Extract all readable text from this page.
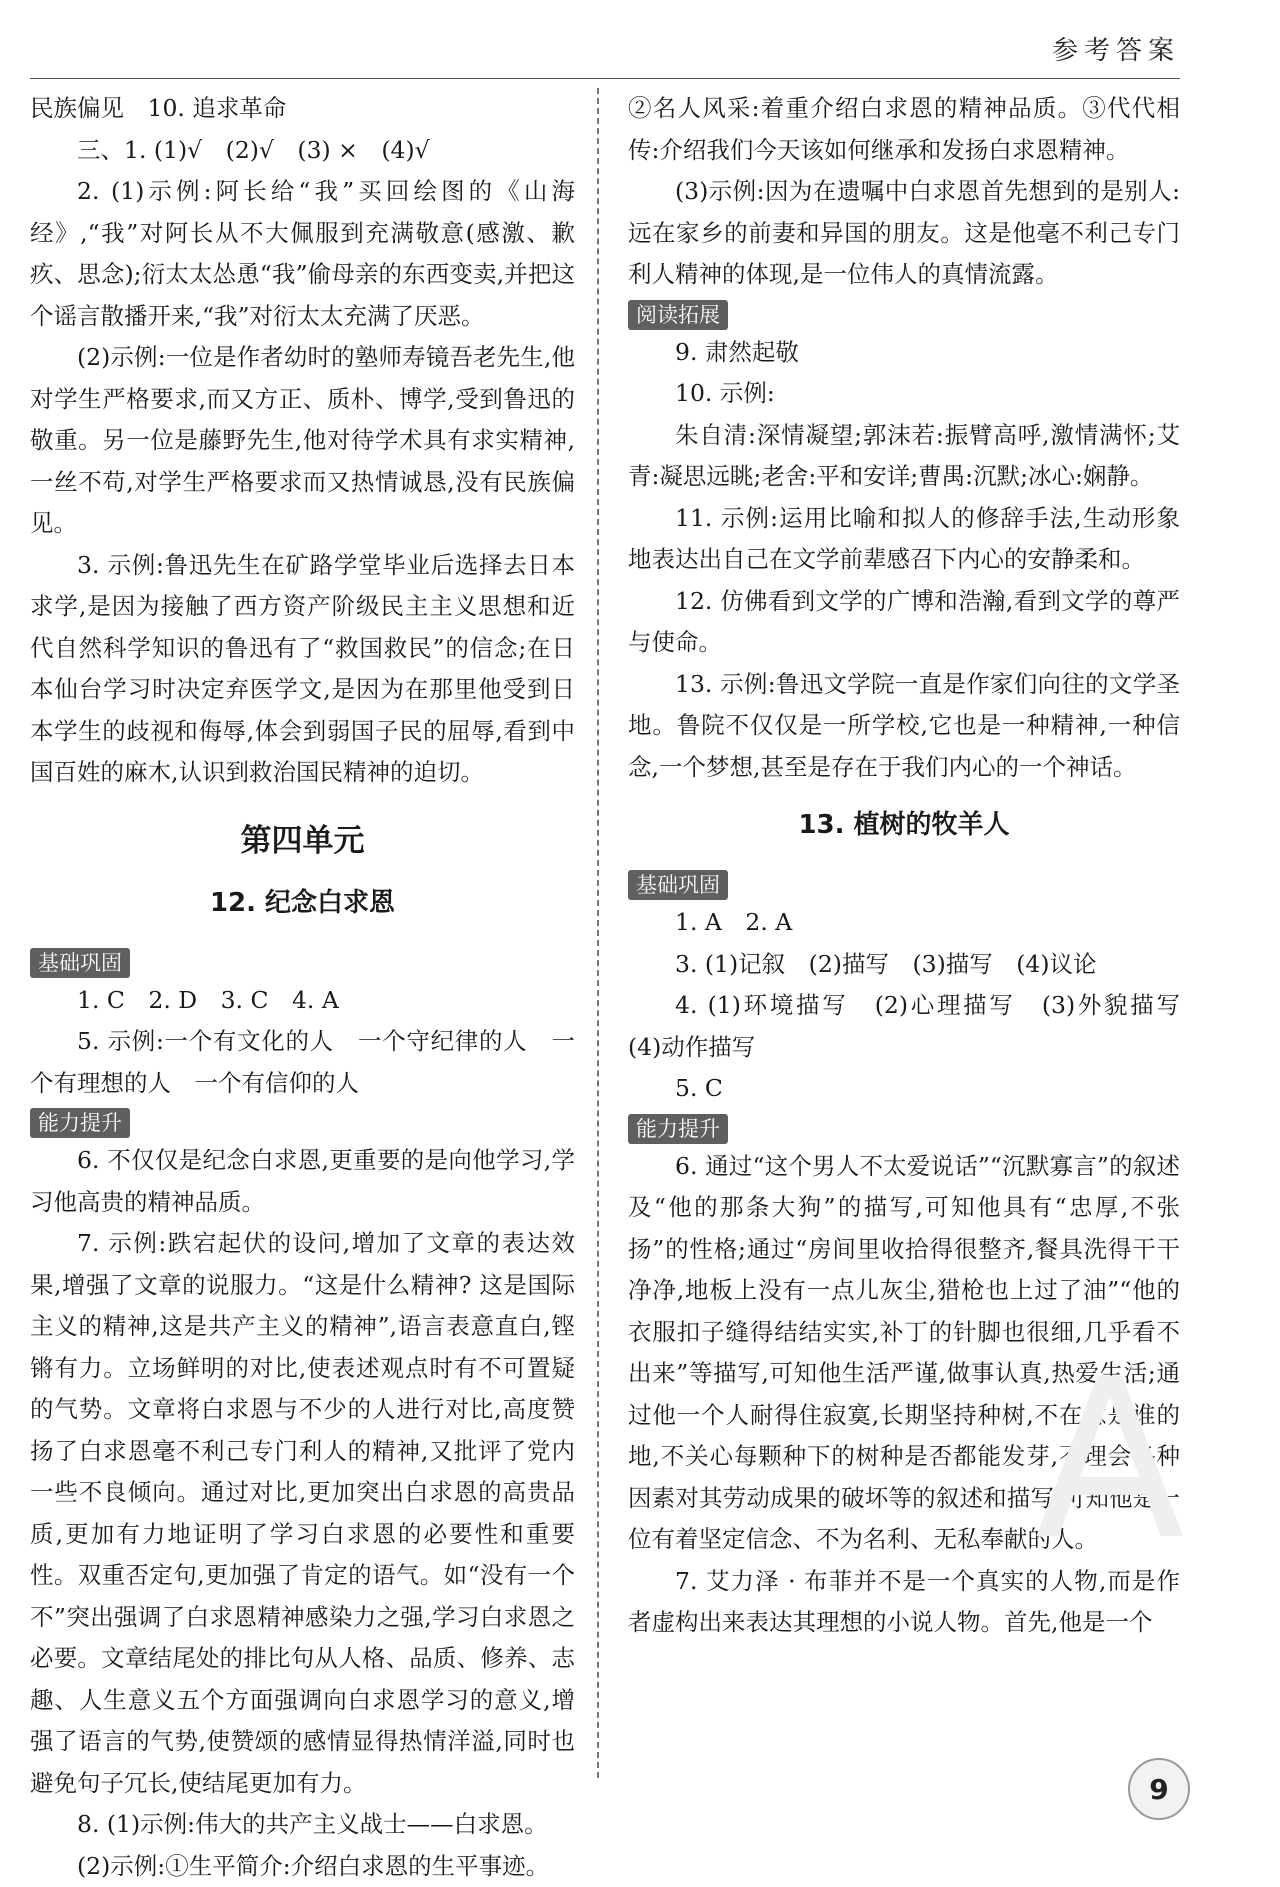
参考答案

民族偏见　10. 追求革命

三、1. (1)√　(2)√　(3) ×　(4)√

2. (1)示例:阿长给“我”买回绘图的《山海经》,“我”对阿长从不大佩服到充满敬意(感激、歉疚、思念);衍太太怂恿“我”偷母亲的东西变卖,并把这个谣言散播开来,“我”对衍太太充满了厌恶。

(2)示例:一位是作者幼时的塾师寿镜吾老先生,他对学生严格要求,而又方正、质朴、博学,受到鲁迅的敬重。另一位是藤野先生,他对待学术具有求实精神,一丝不苟,对学生严格要求而又热情诚恳,没有民族偏见。

3. 示例:鲁迅先生在矿路学堂毕业后选择去日本求学,是因为接触了西方资产阶级民主主义思想和近代自然科学知识的鲁迅有了“救国救民”的信念;在日本仙台学习时决定弃医学文,是因为在那里他受到日本学生的歧视和侮辱,体会到弱国子民的屈辱,看到中国百姓的麻木,认识到救治国民精神的迫切。

第四单元
12. 纪念白求恩
基础巩固

1. C　2. D　3. C　4. A

5. 示例:一个有文化的人　一个守纪律的人　一个有理想的人　一个有信仰的人

能力提升

6. 不仅仅是纪念白求恩,更重要的是向他学习,学习他高贵的精神品质。

7. 示例:跌宕起伏的设问,增加了文章的表达效果,增强了文章的说服力。“这是什么精神? 这是国际主义的精神,这是共产主义的精神”,语言表意直白,铿锵有力。立场鲜明的对比,使表述观点时有不可置疑的气势。文章将白求恩与不少的人进行对比,高度赞扬了白求恩毫不利己专门利人的精神,又批评了党内一些不良倾向。通过对比,更加突出白求恩的高贵品质,更加有力地证明了学习白求恩的必要性和重要性。双重否定句,更加强了肯定的语气。如“没有一个不”突出强调了白求恩精神感染力之强,学习白求恩之必要。文章结尾处的排比句从人格、品质、修养、志趣、人生意义五个方面强调向白求恩学习的意义,增强了语言的气势,使赞颂的感情显得热情洋溢,同时也避免句子冗长,使结尾更加有力。

8. (1)示例:伟大的共产主义战士——白求恩。

(2)示例:①生平简介:介绍白求恩的生平事迹。

②名人风采:着重介绍白求恩的精神品质。③代代相传:介绍我们今天该如何继承和发扬白求恩精神。

(3)示例:因为在遗嘱中白求恩首先想到的是别人:远在家乡的前妻和异国的朋友。这是他毫不利己专门利人精神的体现,是一位伟人的真情流露。

阅读拓展

9. 肃然起敬

10. 示例:

朱自清:深情凝望;郭沫若:振臂高呼,激情满怀;艾青:凝思远眺;老舍:平和安详;曹禺:沉默;冰心:娴静。

11. 示例:运用比喻和拟人的修辞手法,生动形象地表达出自己在文学前辈感召下内心的安静柔和。

12. 仿佛看到文学的广博和浩瀚,看到文学的尊严与使命。

13. 示例:鲁迅文学院一直是作家们向往的文学圣地。鲁院不仅仅是一所学校,它也是一种精神,一种信念,一个梦想,甚至是存在于我们内心的一个神话。

13. 植树的牧羊人
基础巩固

1. A　2. A

3. (1)记叙　(2)描写　(3)描写　(4)议论

4. (1)环境描写　(2)心理描写　(3)外貌描写　(4)动作描写

5. C

能力提升

6. 通过“这个男人不太爱说话”“沉默寡言”的叙述及“他的那条大狗”的描写,可知他具有“忠厚,不张扬”的性格;通过“房间里收拾得很整齐,餐具洗得干干净净,地板上没有一点儿灰尘,猎枪也上过了油”“他的衣服扣子缝得结结实实,补丁的针脚也很细,几乎看不出来”等描写,可知他生活严谨,做事认真,热爱生活;通过他一个人耐得住寂寞,长期坚持种树,不在意是谁的地,不关心每颗种下的树种是否都能发芽,不理会各种因素对其劳动成果的破坏等的叙述和描写,可知他是一位有着坚定信念、不为名利、无私奉献的人。

7. 艾力泽 · 布菲并不是一个真实的人物,而是作者虚构出来表达其理想的小说人物。首先,他是一个

A
9
